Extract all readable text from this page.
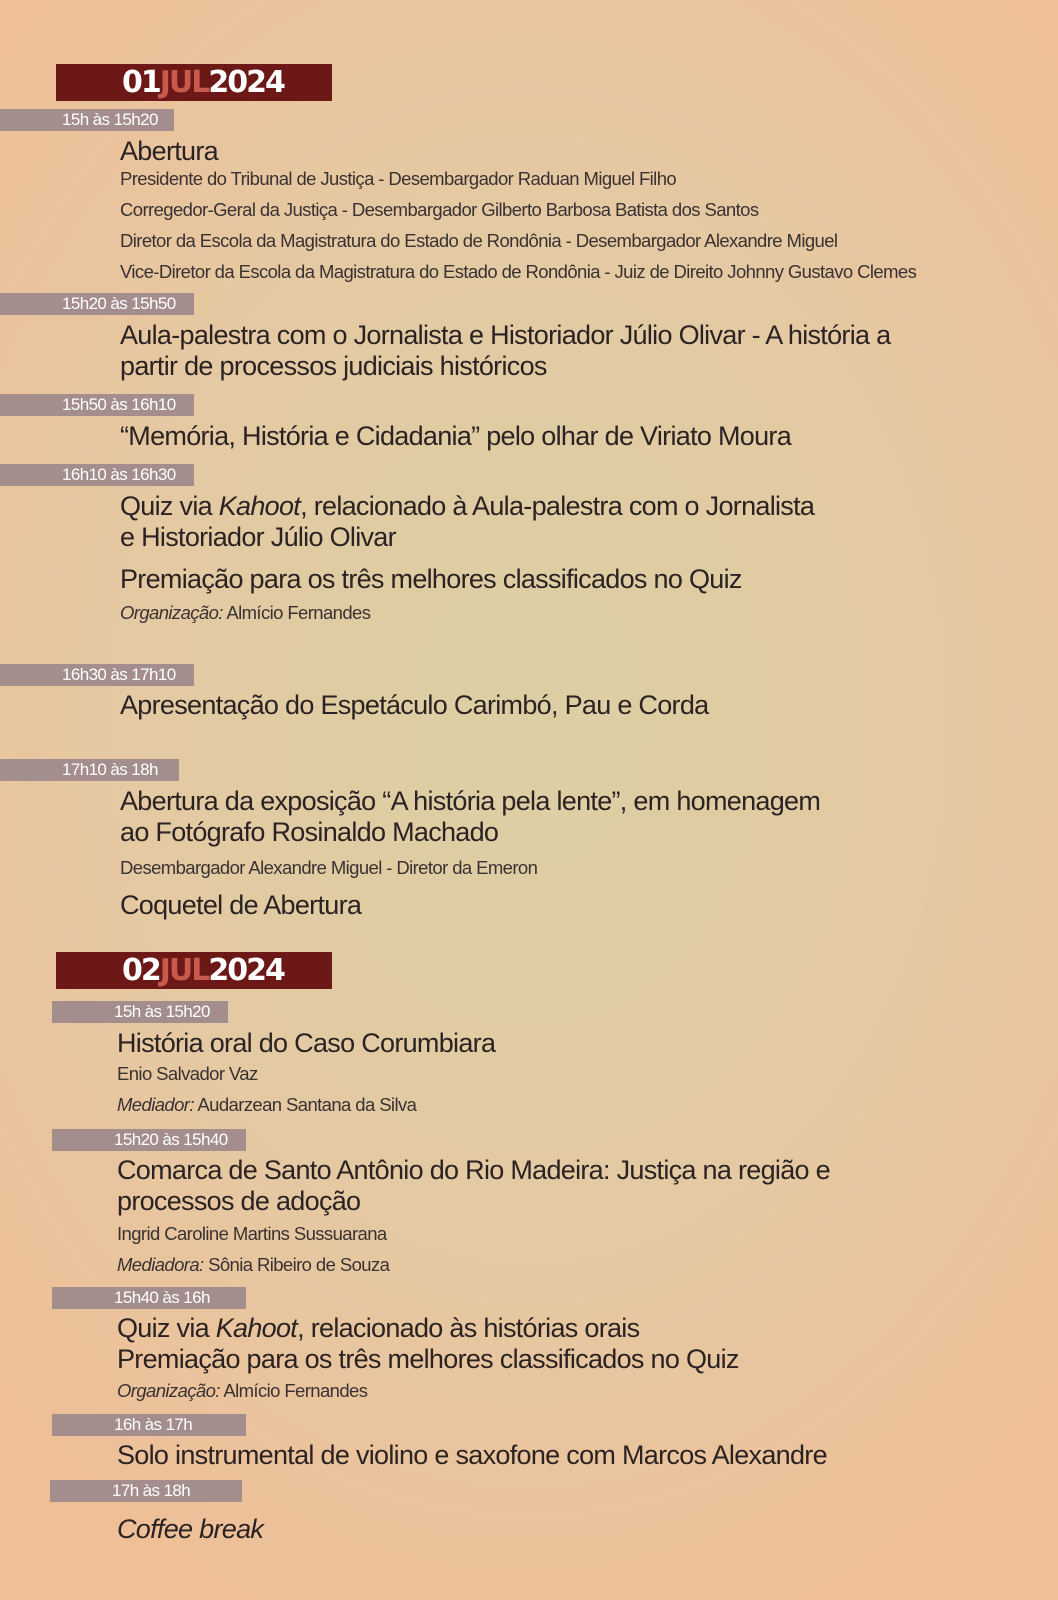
01JUL2024
15h às 15h20
Abertura
Presidente do Tribunal de Justiça - Desembargador Raduan Miguel Filho
Corregedor-Geral da Justiça - Desembargador Gilberto Barbosa Batista dos Santos
Diretor da Escola da Magistratura do Estado de Rondônia - Desembargador Alexandre Miguel
Vice-Diretor da Escola da Magistratura do Estado de Rondônia - Juiz de Direito Johnny Gustavo Clemes
15h20 às 15h50
Aula-palestra com o Jornalista e Historiador Júlio Olivar - A história a
partir de processos judiciais históricos
15h50 às 16h10
“Memória, História e Cidadania” pelo olhar de Viriato Moura
16h10 às 16h30
Quiz via Kahoot, relacionado à Aula-palestra com o Jornalista
e Historiador Júlio Olivar
Premiação para os três melhores classificados no Quiz
Organização: Almício Fernandes
16h30 às 17h10
Apresentação do Espetáculo Carimbó, Pau e Corda
17h10 às 18h
Abertura da exposição “A história pela lente”, em homenagem
ao Fotógrafo Rosinaldo Machado
Desembargador Alexandre Miguel - Diretor da Emeron
Coquetel de Abertura
02JUL2024
15h às 15h20
História oral do Caso Corumbiara
Enio Salvador Vaz
Mediador: Audarzean Santana da Silva
15h20 às 15h40
Comarca de Santo Antônio do Rio Madeira: Justiça na região e
processos de adoção
Ingrid Caroline Martins Sussuarana
Mediadora: Sônia Ribeiro de Souza
15h40 às 16h
Quiz via Kahoot, relacionado às histórias orais
Premiação para os três melhores classificados no Quiz
Organização: Almício Fernandes
16h às 17h
Solo instrumental de violino e saxofone com Marcos Alexandre
17h às 18h
Coffee break
